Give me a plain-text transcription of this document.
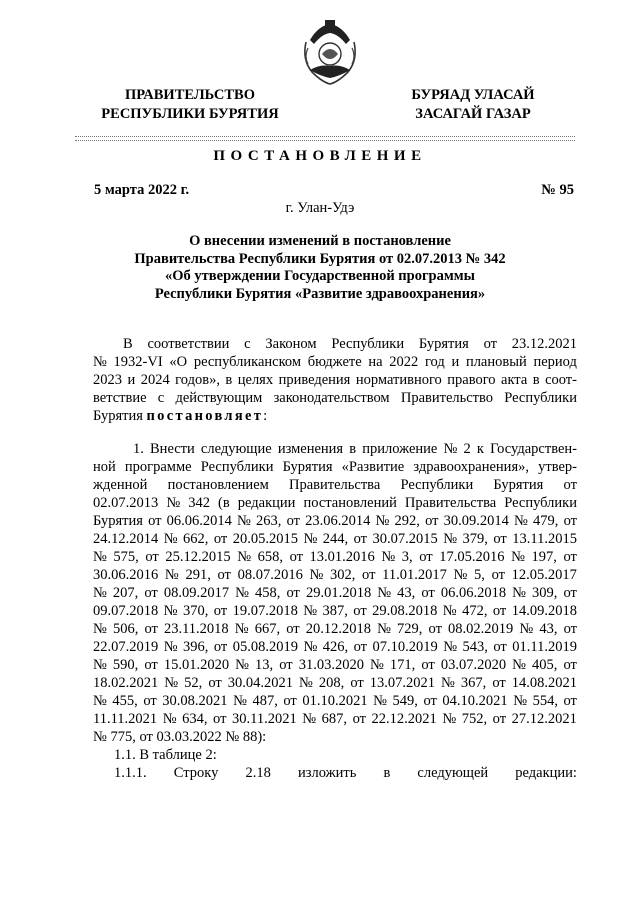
ПРАВИТЕЛЬСТВО
РЕСПУБЛИКИ БУРЯТИЯ
БУРЯАД УЛАСАЙ
ЗАСАГАЙ ГАЗАР
ПОСТАНОВЛЕНИЕ
5 марта 2022 г.	№ 95
г. Улан-Удэ
О внесении изменений в постановление
Правительства Республики Бурятия от 02.07.2013 № 342
«Об утверждении Государственной программы
Республики Бурятия «Развитие здравоохранения»
В соответствии с Законом Республики Бурятия от 23.12.2021
№ 1932-VI «О республиканском бюджете на 2022 год и плановый период
2023 и 2024 годов», в целях приведения нормативного правого акта в соот-
ветствие с действующим законодательством Правительство Республики
Бурятия постановляет:
1. Внести следующие изменения в приложение № 2 к Государствен-
ной программе Республики Бурятия «Развитие здравоохранения», утвер-
жденной постановлением Правительства Республики Бурятия от
02.07.2013 № 342 (в редакции постановлений Правительства Республики
Бурятия от 06.06.2014 № 263, от 23.06.2014 № 292, от 30.09.2014 № 479, от
24.12.2014 № 662, от 20.05.2015 № 244, от 30.07.2015 № 379, от 13.11.2015
№ 575, от 25.12.2015 № 658, от 13.01.2016 № 3, от 17.05.2016 № 197, от
30.06.2016 № 291, от 08.07.2016 № 302, от 11.01.2017 № 5, от 12.05.2017
№ 207, от 08.09.2017 № 458, от 29.01.2018 № 43, от 06.06.2018 № 309, от
09.07.2018 № 370, от 19.07.2018 № 387, от 29.08.2018 № 472, от 14.09.2018
№ 506, от 23.11.2018 № 667, от 20.12.2018 № 729, от 08.02.2019 № 43, от
22.07.2019 № 396, от 05.08.2019 № 426, от 07.10.2019 № 543, от 01.11.2019
№ 590, от 15.01.2020 № 13, от 31.03.2020 № 171, от 03.07.2020 № 405, от
18.02.2021 № 52, от 30.04.2021 № 208, от 13.07.2021 № 367, от 14.08.2021
№ 455, от 30.08.2021 № 487, от 01.10.2021 № 549, от 04.10.2021 № 554, от
11.11.2021 № 634, от 30.11.2021 № 687, от 22.12.2021 № 752, от 27.12.2021
№ 775, от 03.03.2022 № 88):
1.1. В таблице 2:
1.1.1. Строку 2.18 изложить в следующей редакции:
